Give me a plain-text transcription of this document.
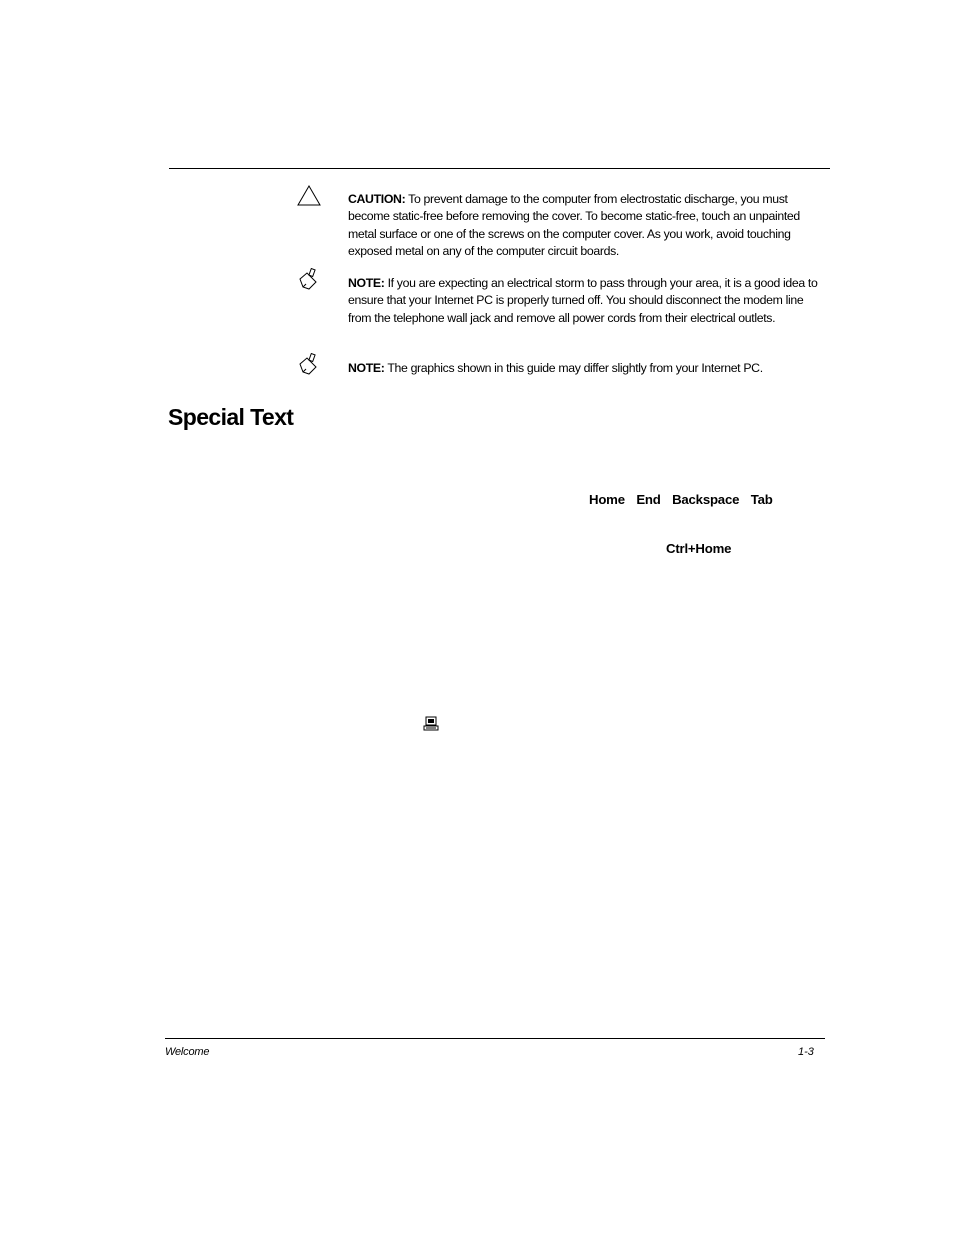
CAUTION: To prevent damage to the computer from electrostatic discharge, you must become static-free before removing the cover. To become static-free, touch an unpainted metal surface or one of the screws on the computer cover. As you work, avoid touching exposed metal on any of the computer circuit boards.
NOTE: If you are expecting an electrical storm to pass through your area, it is a good idea to ensure that your Internet PC is properly turned off. You should disconnect the modem line from the telephone wall jack and remove all power cords from their electrical outlets.
NOTE: The graphics shown in this guide may differ slightly from your Internet PC.
Special Text
Home End Backspace Tab
Ctrl+Home
Welcome	1-3
